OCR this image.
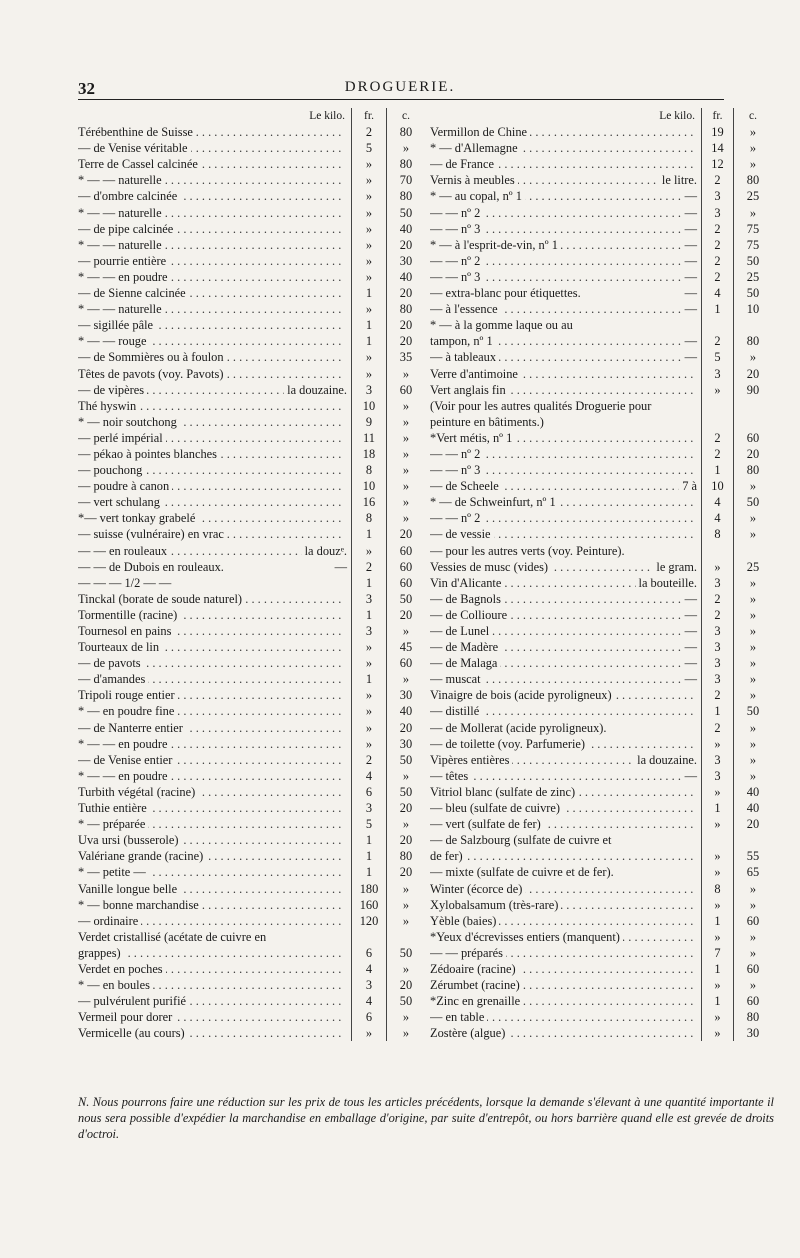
32	DROGUERIE.
Le kilo.	fr.	c.
Térébenthine de Suisse . . .	2	80
— de Venise véritable . . .	5	»
Terre de Cassel calcinée . . .	»	80
* — — naturelle . . .	»	70
— d'ombre calcinée . . .	»	80
* — — naturelle . . .	»	50
— de pipe calcinée . . .	»	40
* — — naturelle . . .	»	20
— pourrie entière . . .	»	30
* — — en poudre . . .	»	40
— de Sienne calcinée . . .	1	20
* — — naturelle . . .	»	80
— sigillée pâle . . .	1	20
* — — rouge . . .	1	20
— de Sommières ou à foulon . . .	»	35
Têtes de pavots (voy. Pavots) . . .	»	»
— de vipères . . .	la douzaine.	3	60
Thé hyswin . . .	10	»
* — noir soutchong . . .	9	»
— perlé impérial . . .	11	»
— pékao à pointes blanches . . .	18	»
— pouchong . . .	8	»
— poudre à canon . . .	10	»
— vert schulang . . .	16	»
*— vert tonkay grabelé . . .	8	»
— suisse (vulnéraire) en vrac . . .	1	20
— — en rouleaux . . .	la douzᵉ.	»	60
— — de Dubois en rouleaux.	—	2	60
— — — 1/2 — —	1	60
Tinckal (borate de soude naturel) . . .	3	50
Tormentille (racine) . . .	1	20
Tournesol en pains . . .	3	»
Tourteaux de lin . . .	»	45
— de pavots . . .	»	60
— d'amandes . . .	1	»
Tripoli rouge entier . . .	»	30
* — en poudre fine . . .	»	40
— de Nanterre entier . . .	»	20
* — — en poudre . . .	»	30
— de Venise entier . . .	2	50
* — — en poudre . . .	4	»
Turbith végétal (racine) . . .	6	50
Tuthie entière . . .	3	20
* — préparée . . .	5	»
Uva ursi (busserole) . . .	1	20
Valériane grande (racine) . . .	1	80
* — petite — . . .	1	20
Vanille longue belle . . .	180	»
* — bonne marchandise . . .	160	»
— ordinaire . . .	120	»
Verdet cristallisé (acétate de cuivre en
grappes) . . .	6	50
Verdet en poches . . .	4	»
* — en boules . . .	3	20
— pulvérulent purifié . . .	4	50
Vermeil pour dorer . . .	6	»
Vermicelle (au cours) . . .	»	»
Le kilo.	fr.	c.
Vermillon de Chine . . .	19	»
* — d'Allemagne . . .	14	»
— de France . . .	12	»
Vernis à meubles . . .	le litre.	2	80
* — au copal, nº 1 . . .	—	3	25
— — nº 2 . . .	—	3	»
— — nº 3 . . .	—	2	75
* — à l'esprit-de-vin, nº 1 . . .	—	2	75
— — nº 2 . . .	—	2	50
— — nº 3 . . .	—	2	25
— extra-blanc pour étiquettes.	—	4	50
— à l'essence . . .	—	1	10
* — à la gomme laque ou au
tampon, nº 1 . . .	—	2	80
— à tableaux . . .	—	5	»
Verre d'antimoine . . .	3	20
Vert anglais fin . . .	»	90
(Voir pour les autres qualités Droguerie pour
peinture en bâtiments.)
*Vert métis, nº 1 . . .	2	60
— — nº 2 . . .	2	20
— — nº 3 . . .	1	80
— de Scheele . . .	7 à	10	»
* — de Schweinfurt, nº 1 . . .	4	50
— — nº 2 . . .	4	»
— de vessie . . .	8	»
— pour les autres verts (voy. Peinture).
Vessies de musc (vides) . . .	le gram.	»	25
Vin d'Alicante . . .	la bouteille.	3	»
— de Bagnols . . .	—	2	»
— de Collioure . . .	—	2	»
— de Lunel . . .	—	3	»
— de Madère . . .	—	3	»
— de Malaga . . .	—	3	»
— muscat . . .	—	3	»
Vinaigre de bois (acide pyroligneux) . . .	2	»
— distillé . . .	1	50
— de Mollerat (acide pyroligneux).	2	»
— de toilette (voy. Parfumerie) . . .	»	»
Vipères entières . . .	la douzaine.	3	»
— têtes . . .	—	3	»
Vitriol blanc (sulfate de zinc) . . .	»	40
— bleu (sulfate de cuivre) . . .	1	40
— vert (sulfate de fer) . . .	»	20
— de Salzbourg (sulfate de cuivre et
de fer) . . .	»	55
— mixte (sulfate de cuivre et de fer).	»	65
Winter (écorce de) . . .	8	»
Xylobalsamum (très-rare) . . .	»	»
Yèble (baies) . . .	1	60
*Yeux d'écrevisses entiers (manquent) . . .	»	»
— — préparés . . .	7	»
Zédoaire (racine) . . .	1	60
Zérumbet (racine) . . .	»	»
*Zinc en grenaille . . .	1	60
— en table . . .	»	80
Zostère (algue) . . .	»	30
N. Nous pourrons faire une réduction sur les prix de tous les articles précédents, lorsque la demande s'élevant à une quantité importante il nous sera possible d'expédier la marchandise en emballage d'origine, par suite d'entrepôt, ou hors barrière quand elle est grevée de droits d'octroi.
